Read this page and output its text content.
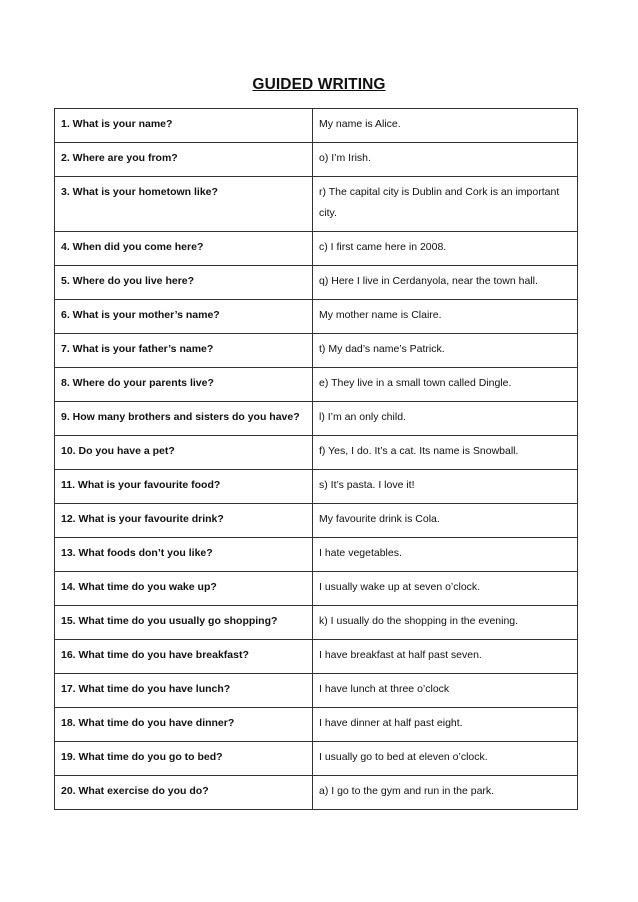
GUIDED WRITING
1. What is your name?	My name is Alice.
2. Where are you from?	o) I’m Irish.
3. What is your hometown like?	r) The capital city is Dublin and Cork is an important city.
4. When did you come here?	c) I first came here in 2008.
5. Where do you live here?	q) Here I live in Cerdanyola, near the town hall.
6. What is your mother’s name?	My mother name is Claire.
7. What is your father’s name?	t) My dad’s name’s Patrick.
8. Where do your parents live?	e) They live in a small town called Dingle.
9. How many brothers and sisters do you have?	l) I’m an only child.
10. Do you have a pet?	f) Yes, I do. It’s a cat. Its name is Snowball.
11. What is your favourite food?	s) It’s pasta. I love it!
12. What is your favourite drink?	My favourite drink is Cola.
13. What foods don’t you like?	I hate vegetables.
14. What time do you wake up?	I usually wake up at seven o’clock.
15. What time do you usually go shopping?	k) I usually do the shopping in the evening.
16. What time do you have breakfast?	I have breakfast at half past seven.
17. What time do you have lunch?	I have lunch at three o’clock
18. What time do you have dinner?	I have dinner at half past eight.
19. What time do you go to bed?	I usually go to bed at eleven o’clock.
20. What exercise do you do?	a) I go to the gym and run in the park.
